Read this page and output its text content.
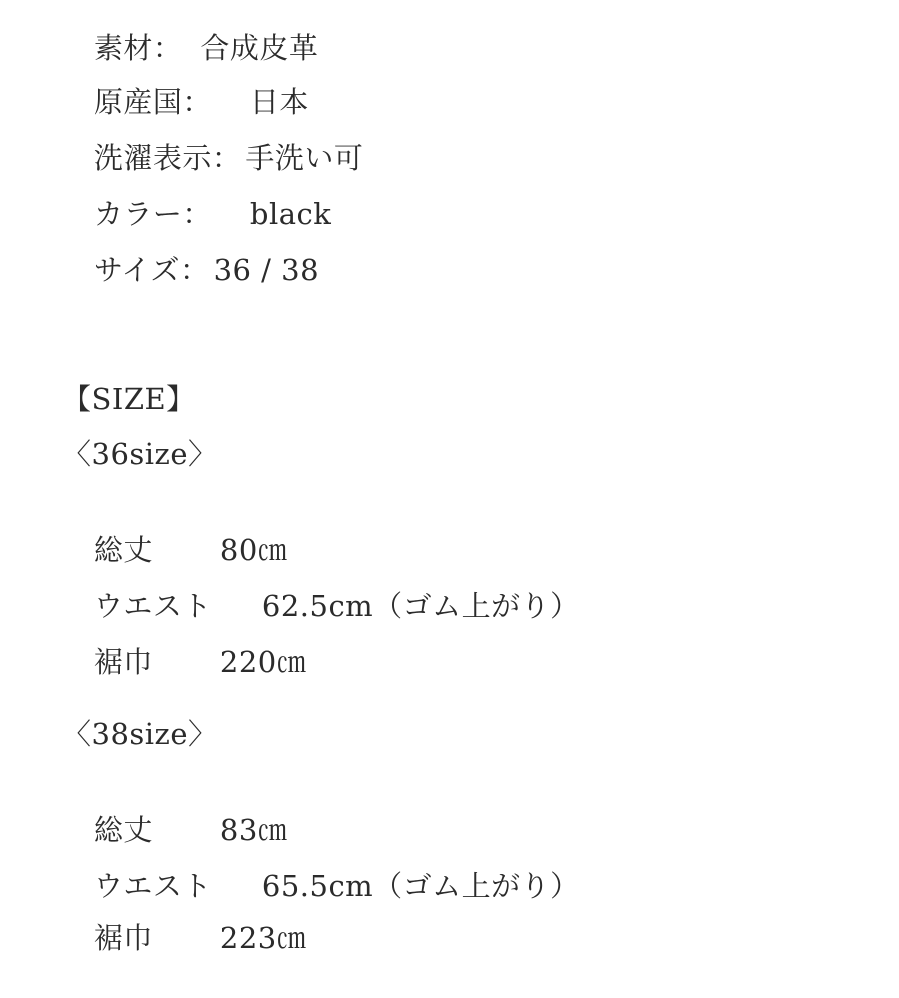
素材： 合成皮革

原産国： 日本

洗濯表示： 手洗い可

カラー： black

サイズ： 36 / 38

【SIZE】
〈36size〉

総丈 80㎝

ウエスト 62.5cm（ゴム上がり）

裾巾 220㎝

〈38size〉

総丈 83㎝

ウエスト 65.5cm（ゴム上がり）

裾巾 223㎝
